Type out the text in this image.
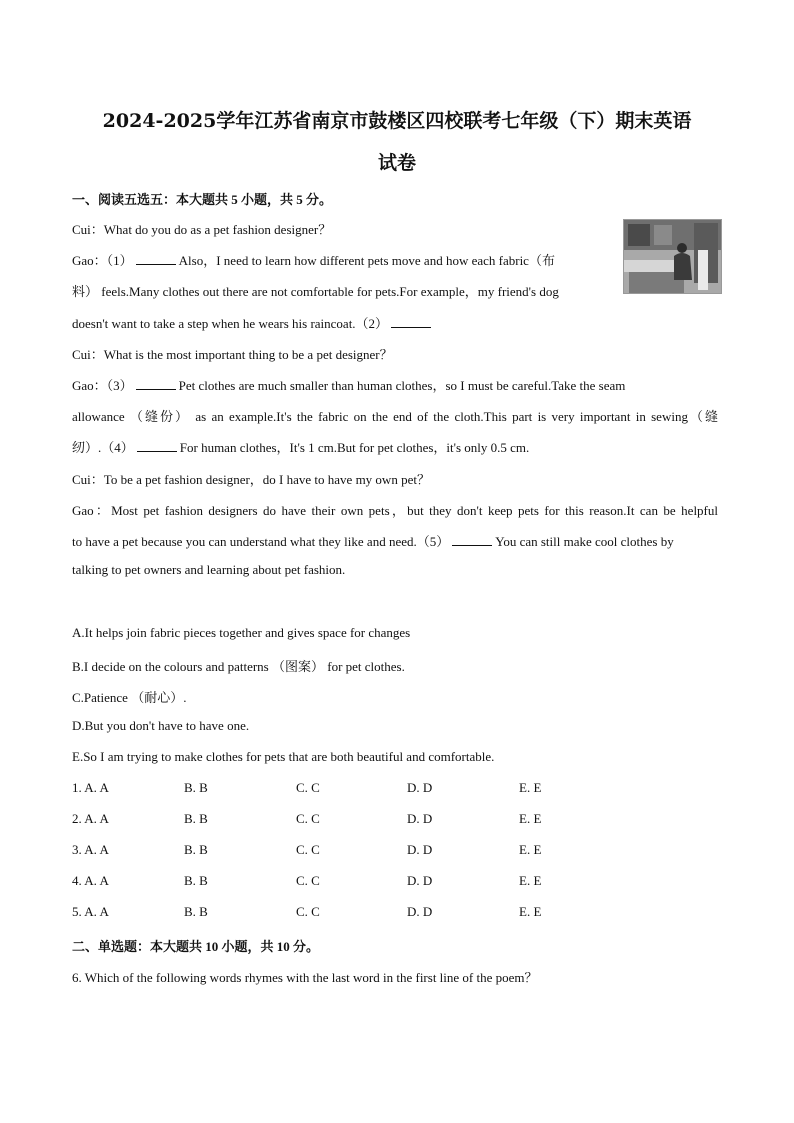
2024-2025学年江苏省南京市鼓楼区四校联考七年级（下）期末英语
试卷
一、阅读五选五：本大题共 5 小题，共 5 分。
Cui：What do you do as a pet fashion designer？
Gao：（1）	Also，I need to learn how different pets move and how each fabric（布
料） feels.Many clothes out there are not comfortable for pets.For example，my friend's dog
doesn't want to take a step when he wears his raincoat.（2）
Cui：What is the most important thing to be a pet designer？
Gao：（3）	Pet clothes are much smaller than human clothes，so I must be careful.Take the seam
allowance （缝份） as an example.It's the fabric on the end of the cloth.This part is very important in sewing（缝
纫）.（4）	For human clothes，It's 1 cm.But for pet clothes，it's only 0.5 cm.
Cui：To be a pet fashion designer，do I have to have my own pet？
Gao：Most pet fashion designers do have their own pets，but they don't keep pets for this reason.It can be helpful
to have a pet because you can understand what they like and need.（5）	You can still make cool clothes by
talking to pet owners and learning about pet fashion.
A.It helps join fabric pieces together and gives space for changes
B.I decide on the colours and patterns （图案） for pet clothes.
C.Patience （耐心）.
D.But you don't have to have one.
E.So I am trying to make clothes for pets that are both beautiful and comfortable.
1. A. A	B. B	C. C	D. D	E. E
2. A. A	B. B	C. C	D. D	E. E
3. A. A	B. B	C. C	D. D	E. E
4. A. A	B. B	C. C	D. D	E. E
5. A. A	B. B	C. C	D. D	E. E
二、单选题：本大题共 10 小题，共 10 分。
6. Which of the following words rhymes with the last word in the first line of the poem？
